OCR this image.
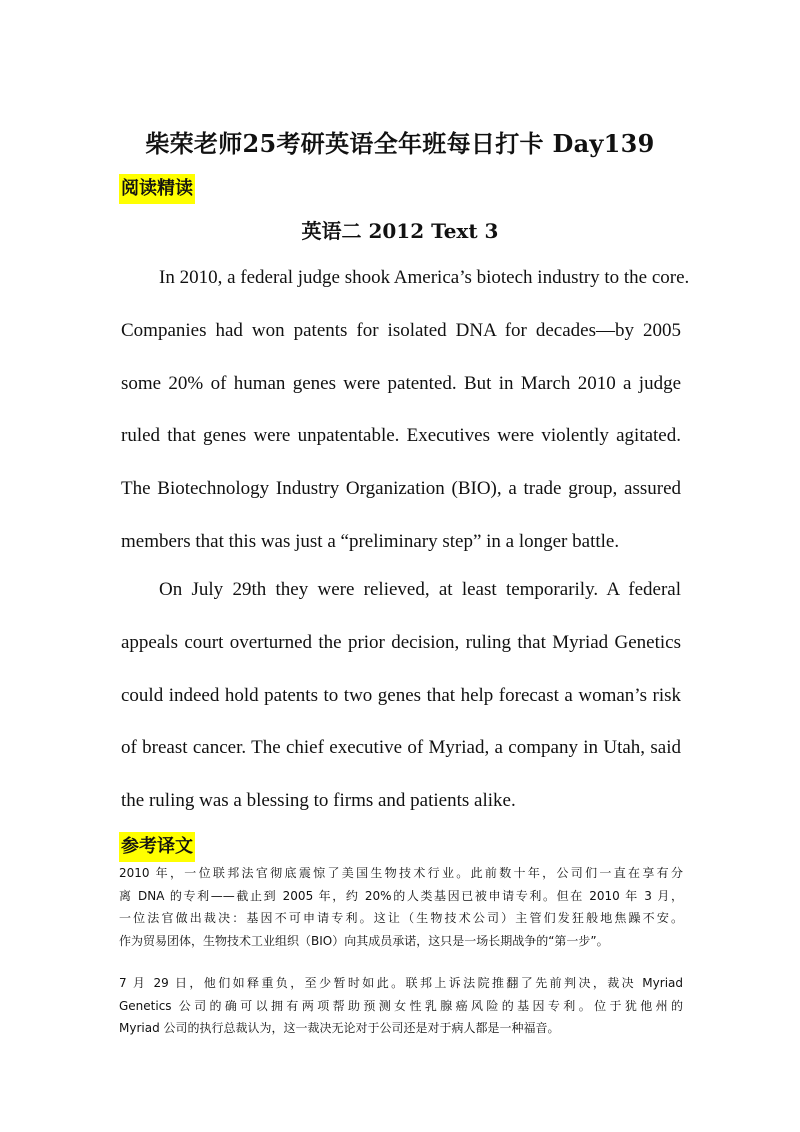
柴荣老师25考研英语全年班每日打卡 Day139
阅读精读
英语二 2012 Text 3
In 2010, a federal judge shook America’s biotech industry to the core.
Companies had won patents for isolated DNA for decades—by 2005
some 20% of human genes were patented. But in March 2010 a judge
ruled that genes were unpatentable. Executives were violently agitated.
The Biotechnology Industry Organization (BIO), a trade group, assured
members that this was just a “preliminary step” in a longer battle.
On July 29th they were relieved, at least temporarily. A federal
appeals court overturned the prior decision, ruling that Myriad Genetics
could indeed hold patents to two genes that help forecast a woman’s risk
of breast cancer. The chief executive of Myriad, a company in Utah, said
the ruling was a blessing to firms and patients alike.
参考译文
2010 年，一位联邦法官彻底震惊了美国生物技术行业。此前数十年，公司们一直在享有分
离 DNA 的专利——截止到 2005 年，约 20%的人类基因已被申请专利。但在 2010 年 3 月，
一位法官做出裁决：基因不可申请专利。这让（生物技术公司）主管们发狂般地焦躁不安。
作为贸易团体，生物技术工业组织（BIO）向其成员承诺，这只是一场长期战争的“第一步”。
7 月 29 日，他们如释重负，至少暂时如此。联邦上诉法院推翻了先前判决，裁决 Myriad
Genetics 公司的确可以拥有两项帮助预测女性乳腺癌风险的基因专利。位于犹他州的
Myriad 公司的执行总裁认为，这一裁决无论对于公司还是对于病人都是一种福音。
